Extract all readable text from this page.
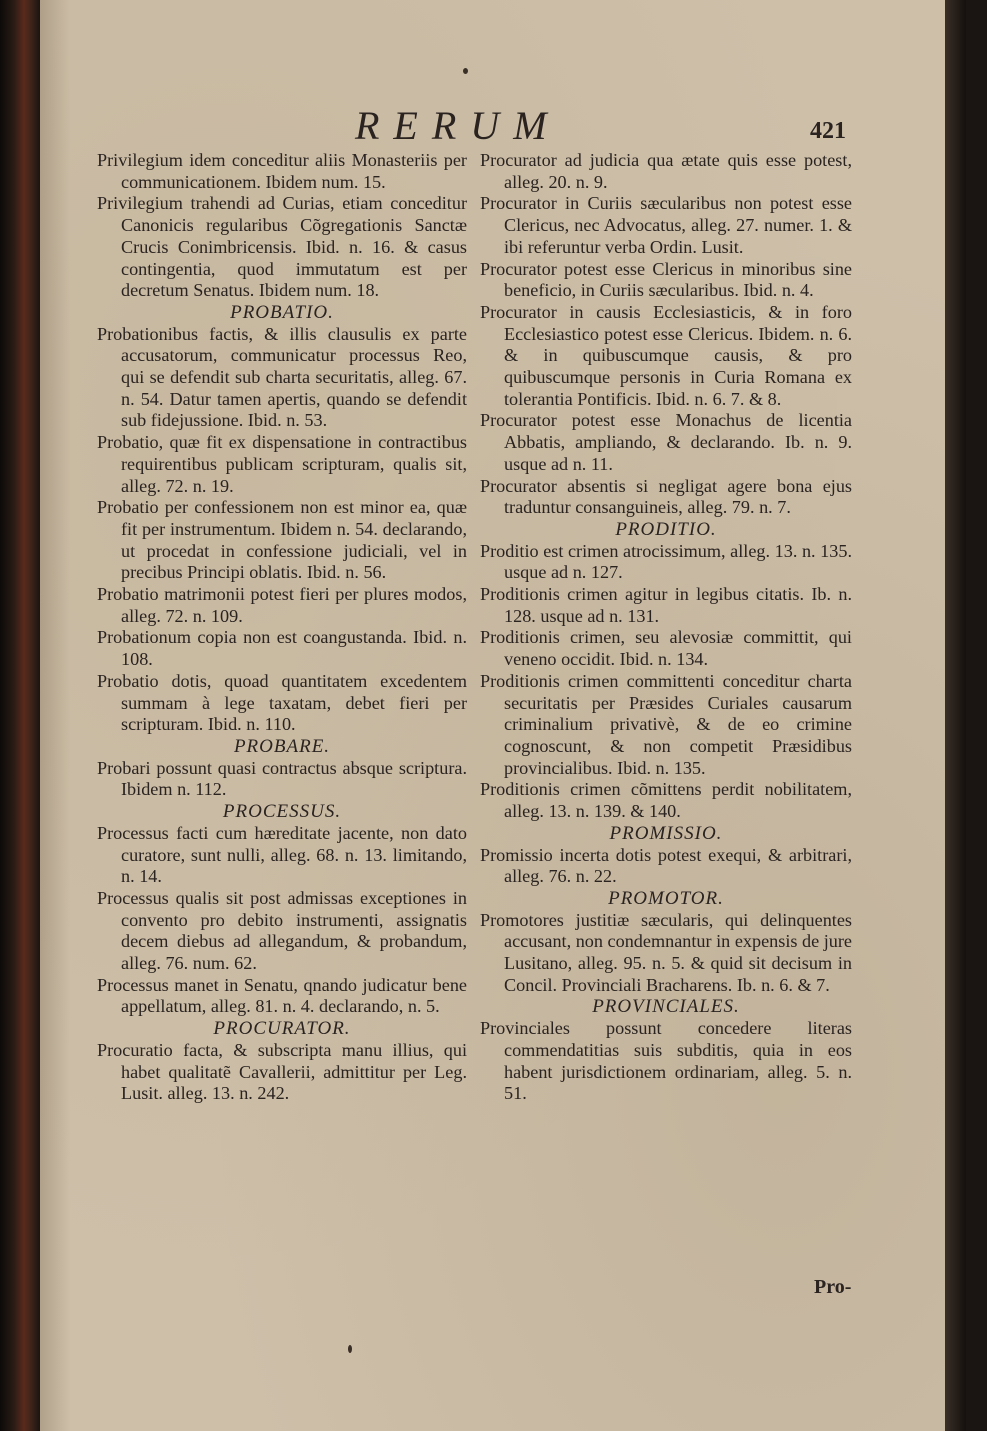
RERUM	421

Privilegium idem conceditur aliis Monasteriis per communicationem. Ibidem num. 15.

Privilegium trahendi ad Curias, etiam conceditur Canonicis regularibus Cõgregationis Sanctæ Crucis Conimbricensis. Ibid. n. 16. & casus contingentia, quod immutatum est per decretum Senatus. Ibidem num. 18.

PROBATIO.

Probationibus factis, & illis clausulis ex parte accusatorum, communicatur processus Reo, qui se defendit sub charta securitatis, alleg. 67. n. 54. Datur tamen apertis, quando se defendit sub fidejussione. Ibid. n. 53.

Probatio, quæ fit ex dispensatione in contractibus requirentibus publicam scripturam, qualis sit, alleg. 72. n. 19.

Probatio per confessionem non est minor ea, quæ fit per instrumentum. Ibidem n. 54. declarando, ut procedat in confessione judiciali, vel in precibus Principi oblatis. Ibid. n. 56.

Probatio matrimonii potest fieri per plures modos, alleg. 72. n. 109.

Probationum copia non est coangustanda. Ibid. n. 108.

Probatio dotis, quoad quantitatem excedentem summam à lege taxatam, debet fieri per scripturam. Ibid. n. 110.

PROBARE.

Probari possunt quasi contractus absque scriptura. Ibidem n. 112.

PROCESSUS.

Processus facti cum hæreditate jacente, non dato curatore, sunt nulli, alleg. 68. n. 13. limitando, n. 14.

Processus qualis sit post admissas exceptiones in convento pro debito instrumenti, assignatis decem diebus ad allegandum, & probandum, alleg. 76. num. 62.

Processus manet in Senatu, qnando judicatur bene appellatum, alleg. 81. n. 4. declarando, n. 5.

PROCURATOR.

Procuratio facta, & subscripta manu illius, qui habet qualitatẽ Cavallerii, admittitur per Leg. Lusit. alleg. 13. n. 242.

Procurator ad judicia qua ætate quis esse potest, alleg. 20. n. 9.

Procurator in Curiis sæcularibus non potest esse Clericus, nec Advocatus, alleg. 27. numer. 1. & ibi referuntur verba Ordin. Lusit.

Procurator potest esse Clericus in minoribus sine beneficio, in Curiis sæcularibus. Ibid. n. 4.

Procurator in causis Ecclesiasticis, & in foro Ecclesiastico potest esse Clericus. Ibidem. n. 6. & in quibuscumque causis, & pro quibuscumque personis in Curia Romana ex tolerantia Pontificis. Ibid. n. 6. 7. & 8.

Procurator potest esse Monachus de licentia Abbatis, ampliando, & declarando. Ib. n. 9. usque ad n. 11.

Procurator absentis si negligat agere bona ejus traduntur consanguineis, alleg. 79. n. 7.

PRODITIO.

Proditio est crimen atrocissimum, alleg. 13. n. 135. usque ad n. 127.

Proditionis crimen agitur in legibus citatis. Ib. n. 128. usque ad n. 131.

Proditionis crimen, seu alevosiæ committit, qui veneno occidit. Ibid. n. 134.

Proditionis crimen committenti conceditur charta securitatis per Præsides Curiales causarum criminalium privativè, & de eo crimine cognoscunt, & non competit Præsidibus provincialibus. Ibid. n. 135.

Proditionis crimen cõmittens perdit nobilitatem, alleg. 13. n. 139. & 140.

PROMISSIO.

Promissio incerta dotis potest exequi, & arbitrari, alleg. 76. n. 22.

PROMOTOR.

Promotores justitiæ sæcularis, qui delinquentes accusant, non condemnantur in expensis de jure Lusitano, alleg. 95. n. 5. & quid sit decisum in Concil. Provinciali Bracharens. Ib. n. 6. & 7.

PROVINCIALES.

Provinciales possunt concedere literas commendatitias suis subditis, quia in eos habent jurisdictionem ordinariam, alleg. 5. n. 51.

Pro-
